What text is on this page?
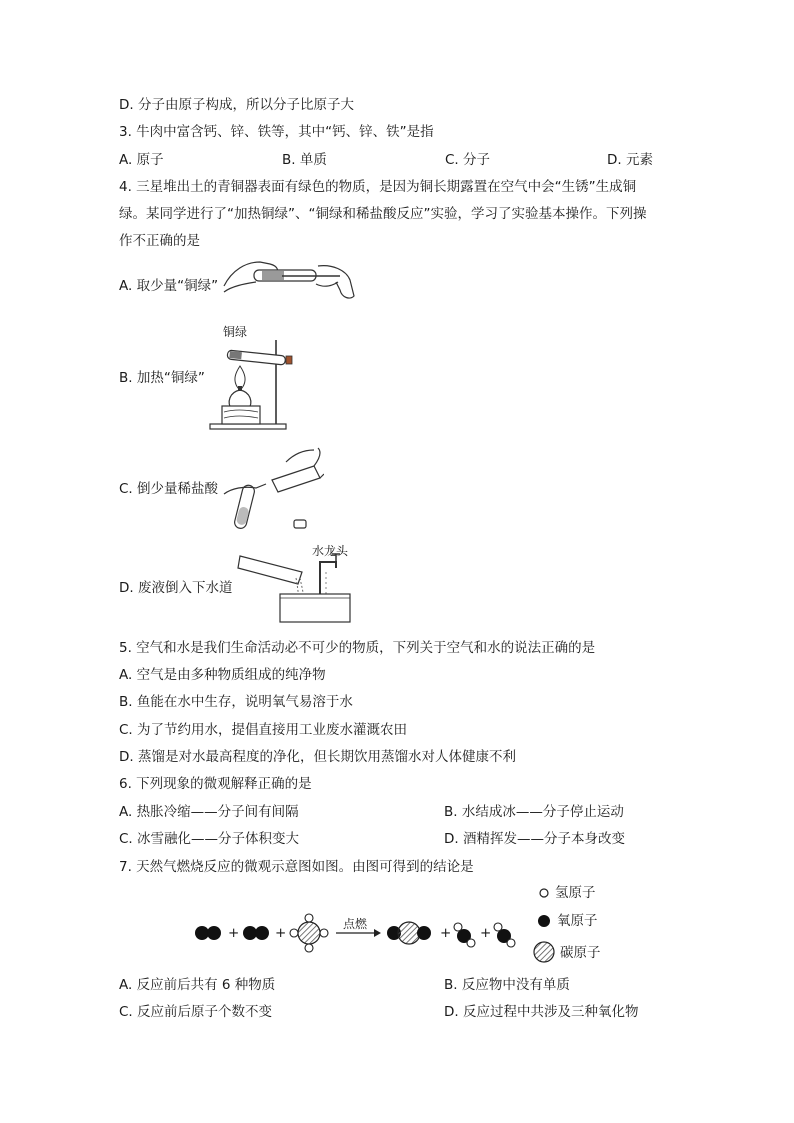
D. 分子由原子构成，所以分子比原子大
3. 牛肉中富含钙、锌、铁等，其中“钙、锌、铁”是指
A. 原子	B. 单质	C. 分子	D. 元素
4. 三星堆出土的青铜器表面有绿色的物质，是因为铜长期露置在空气中会“生锈”生成铜
绿。某同学进行了“加热铜绿”、“铜绿和稀盐酸反应”实验，学习了实验基本操作。下列操
作不正确的是
A. 取少量“铜绿”
B. 加热“铜绿”
铜绿
C. 倒少量稀盐酸
D. 废液倒入下水道
水龙头
5. 空气和水是我们生命活动必不可少的物质，下列关于空气和水的说法正确的是
A. 空气是由多种物质组成的纯净物
B. 鱼能在水中生存，说明氧气易溶于水
C. 为了节约用水，提倡直接用工业废水灌溉农田
D. 蒸馏是对水最高程度的净化，但长期饮用蒸馏水对人体健康不利
6. 下列现象的微观解释正确的是
A. 热胀冷缩——分子间有间隔	B. 水结成冰——分子停止运动
C. 冰雪融化——分子体积变大	D. 酒精挥发——分子本身改变
7. 天然气燃烧反应的微观示意图如图。由图可得到的结论是
氢原子
氧原子
碳原子
+	+	+ +
点燃
A. 反应前后共有 6 种物质	B. 反应物中没有单质
C. 反应前后原子个数不变	D. 反应过程中共涉及三种氧化物
